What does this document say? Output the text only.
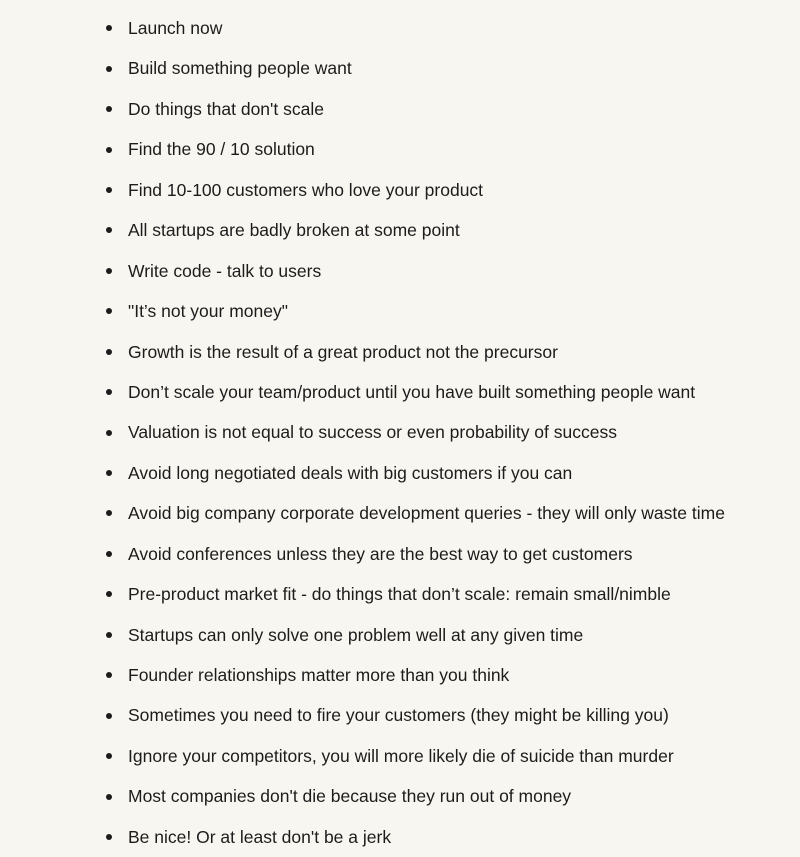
Launch now
Build something people want
Do things that don't scale
Find the 90 / 10 solution
Find 10-100 customers who love your product
All startups are badly broken at some point
Write code - talk to users
"It’s not your money"
Growth is the result of a great product not the precursor
Don’t scale your team/product until you have built something people want
Valuation is not equal to success or even probability of success
Avoid long negotiated deals with big customers if you can
Avoid big company corporate development queries - they will only waste time
Avoid conferences unless they are the best way to get customers
Pre-product market fit - do things that don’t scale: remain small/nimble
Startups can only solve one problem well at any given time
Founder relationships matter more than you think
Sometimes you need to fire your customers (they might be killing you)
Ignore your competitors, you will more likely die of suicide than murder
Most companies don't die because they run out of money
Be nice! Or at least don't be a jerk
